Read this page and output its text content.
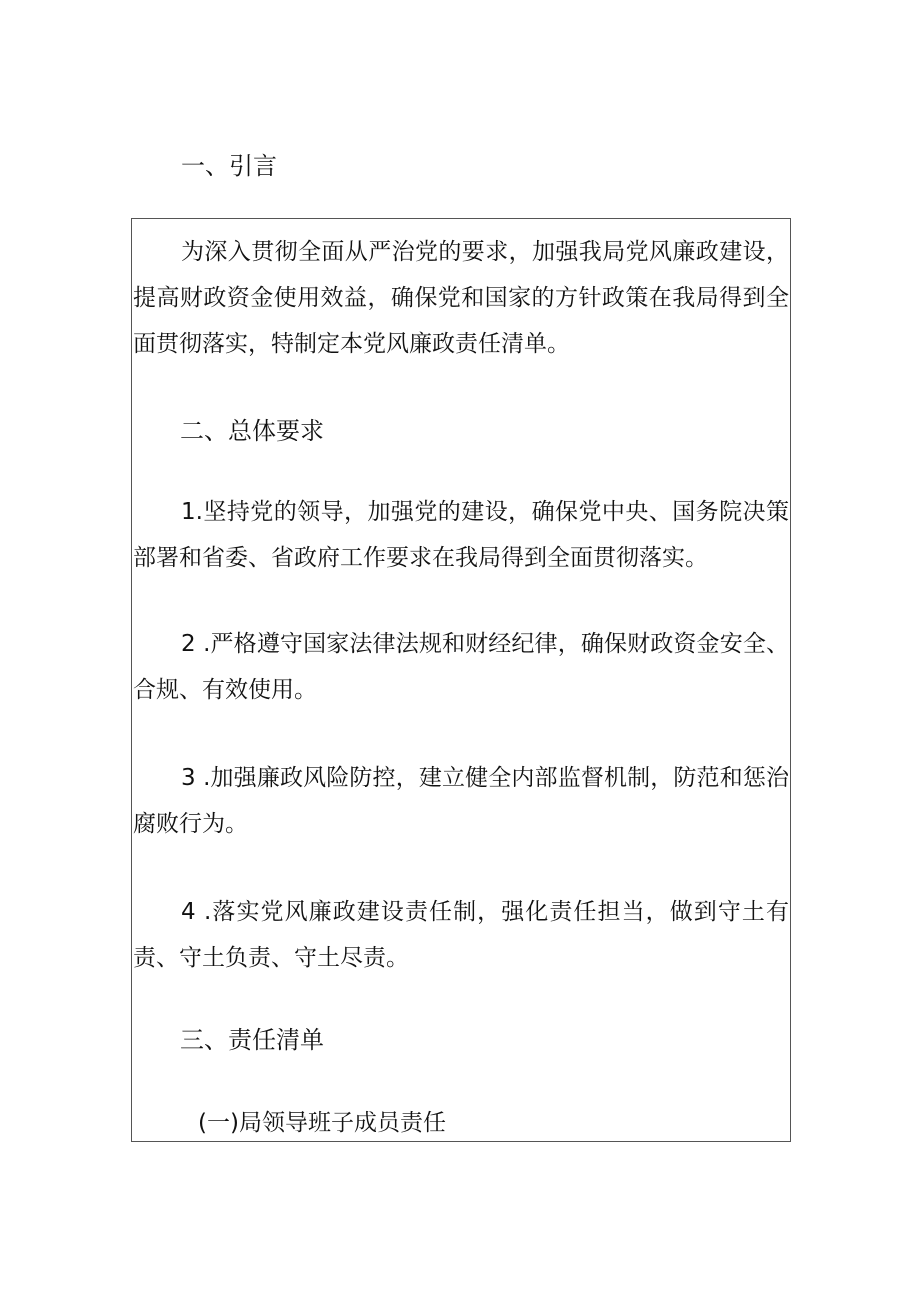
一、引言

为深入贯彻全面从严治党的要求，加强我局党风廉政建设，提高财政资金使用效益，确保党和国家的方针政策在我局得到全面贯彻落实，特制定本党风廉政责任清单。

二、总体要求

1.坚持党的领导，加强党的建设，确保党中央、国务院决策部署和省委、省政府工作要求在我局得到全面贯彻落实。

2 .严格遵守国家法律法规和财经纪律，确保财政资金安全、合规、有效使用。

3 .加强廉政风险防控，建立健全内部监督机制，防范和惩治腐败行为。

4 .落实党风廉政建设责任制，强化责任担当，做到守土有责、守土负责、守土尽责。

三、责任清单

(一)局领导班子成员责任
